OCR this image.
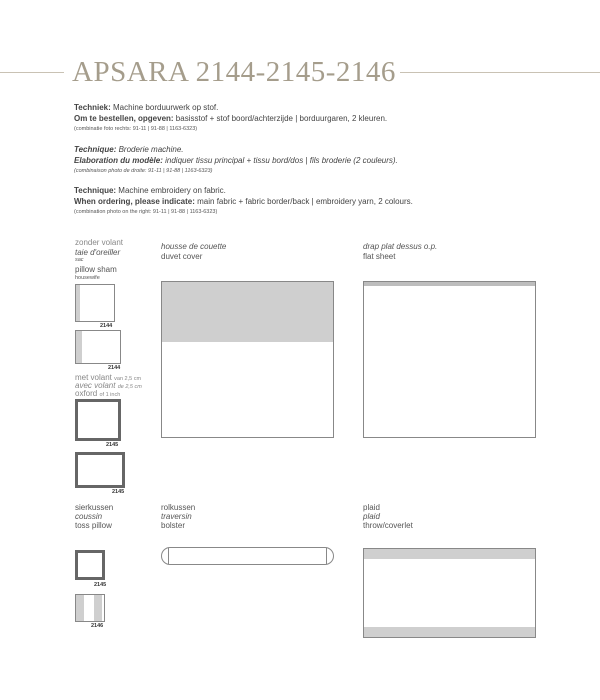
APSARA 2144-2145-2146
Techniek: Machine borduurwerk op stof.
Om te bestellen, opgeven: basisstof + stof boord/achterzijde | borduurgaren, 2 kleuren.
(combinatie foto rechts: 91-11 | 91-88 | 1163-6323)
Technique: Broderie machine.
Elaboration du modèle: indiquer tissu principal + tissu bord/dos | fils broderie (2 couleurs).
(combinaison photo de droite: 91-11 | 91-88 | 1163-6323)
Technique: Machine embroidery on fabric.
When ordering, please indicate: main fabric + fabric border/back | embroidery yarn, 2 colours.
(combination photo on the right: 91-11 | 91-88 | 1163-6323)
zonder volant
taie d'oreiller
sac
pillow sham
housewife
2144
2144
met volant van 2,5 cm
avec volant de 2,5 cm
oxford of 1 inch
2145
2145
housse de couette
duvet cover
drap plat dessus o.p.
flat sheet
sierkussen
coussin
toss pillow
2145
2146
rolkussen
traversin
bolster
plaid
plaid
throw/coverlet
